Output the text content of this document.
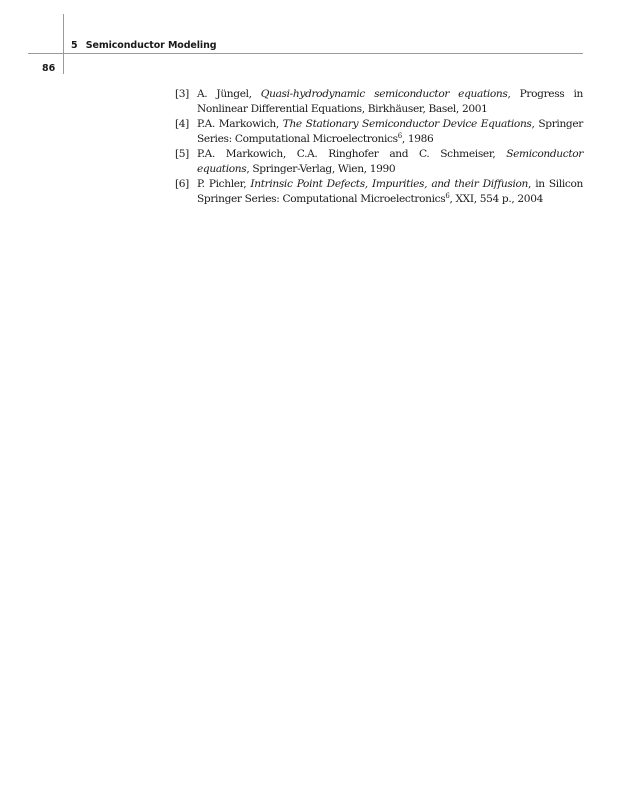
5 Semiconductor Modeling
86
[3] A. Jüngel, Quasi-hydrodynamic semiconductor equations, Progress in Nonlinear Differential Equations, Birkhäuser, Basel, 2001
[4] P.A. Markowich, The Stationary Semiconductor Device Equations, Springer Series: Computational Microelectronics$^6$, 1986
[5] P.A. Markowich, C.A. Ringhofer and C. Schmeiser, Semiconductor equations, Springer-Verlag, Wien, 1990
[6] P. Pichler, Intrinsic Point Defects, Impurities, and their Diffusion, in Silicon Springer Series: Computational Microelectronics$^6$, XXI, 554 p., 2004
